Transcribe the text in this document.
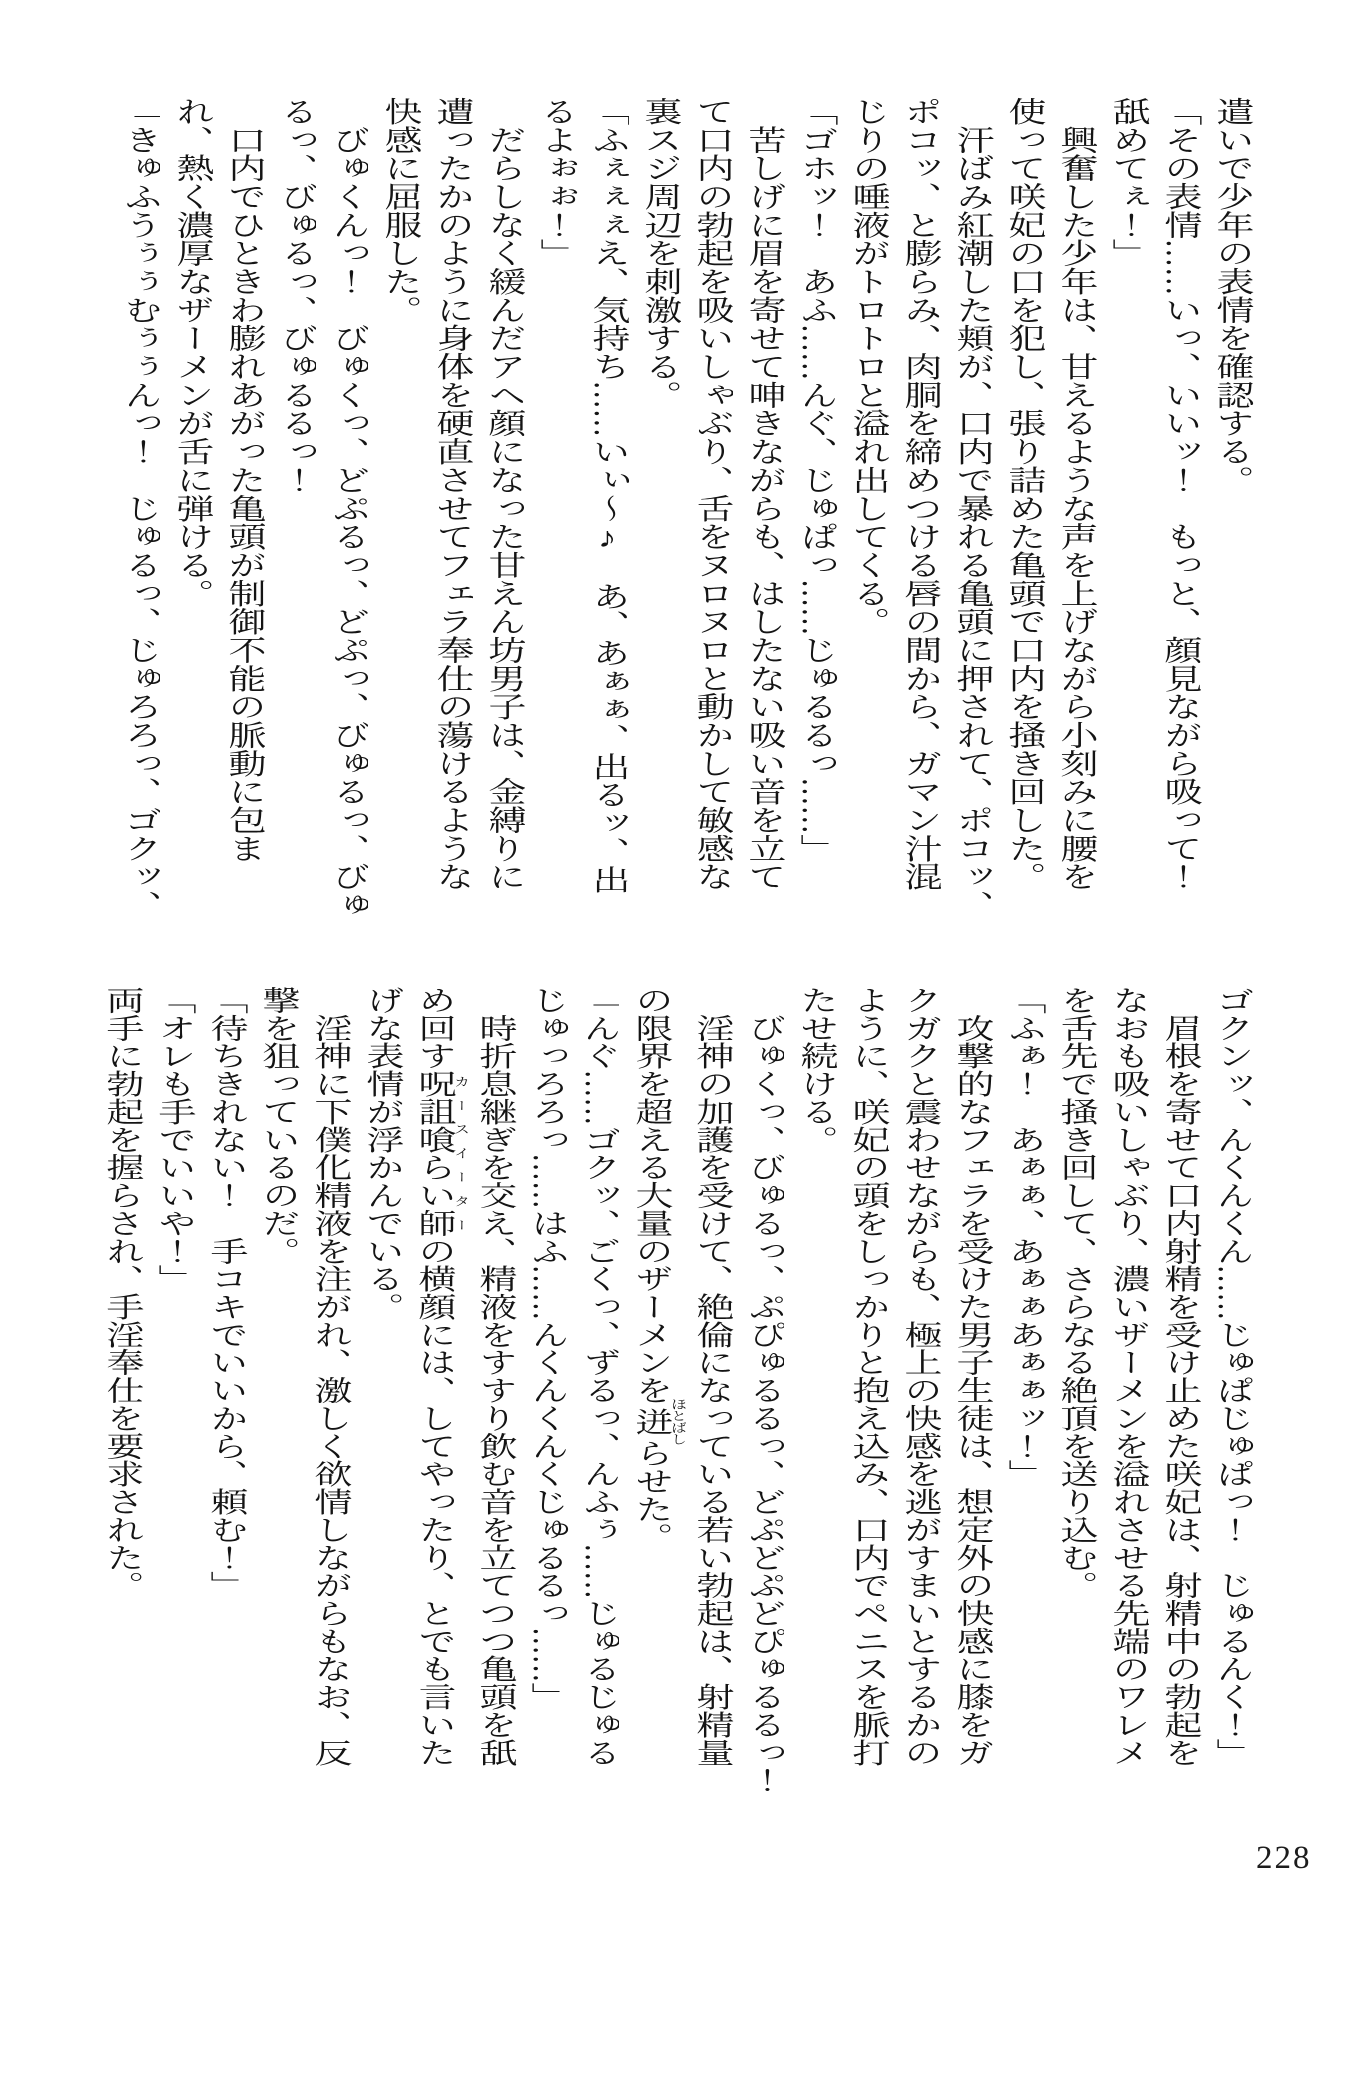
遣いで少年の表情を確認する。

「その表情……いっ、いいッ！　もっと、顔見ながら吸って！

舐めてぇ！」

　興奮した少年は、甘えるような声を上げながら小刻みに腰を

使って咲妃の口を犯し、張り詰めた亀頭で口内を掻き回した。

　汗ばみ紅潮した頬が、口内で暴れる亀頭に押されて、ポコッ、

ポコッ、と膨らみ、肉胴を締めつける唇の間から、ガマン汁混

じりの唾液がトロトロと溢れ出してくる。

「ゴホッ！　あふ……んぐ、じゅぱっ……じゅるるっ……」

　苦しげに眉を寄せて呻きながらも、はしたない吸い音を立て

て口内の勃起を吸いしゃぶり、舌をヌロヌロと動かして敏感な

裏スジ周辺を刺激する。

「ふぇぇぇえ、気持ち……いぃ～♪　あ、あぁぁ、出るッ、出

るよぉぉ！」

　だらしなく緩んだアヘ顔になった甘えん坊男子は、金縛りに

遭ったかのように身体を硬直させてフェラ奉仕の蕩けるような

快感に屈服した。

　びゅくんっ！　びゅくっ、どぷるっ、どぷっ、びゅるっ、びゅ

るっ、びゅるっ、びゅるるっ！

　口内でひときわ膨れあがった亀頭が制御不能の脈動に包ま

れ、熱く濃厚なザーメンが舌に弾ける。

「きゅふうぅぅむぅぅんっ！　じゅるっ、じゅろろっ、ゴクッ、

ゴクンッ、んくんくん……じゅぱじゅぱっ！　じゅるんく！」

　眉根を寄せて口内射精を受け止めた咲妃は、射精中の勃起を

なおも吸いしゃぶり、濃いザーメンを溢れさせる先端のワレメ

を舌先で掻き回して、さらなる絶頂を送り込む。

「ふぁ！　あぁぁ、あぁぁあぁぁッ！」

　攻撃的なフェラを受けた男子生徒は、想定外の快感に膝をガ

クガクと震わせながらも、極上の快感を逃がすまいとするかの

ように、咲妃の頭をしっかりと抱え込み、口内でペニスを脈打

たせ続ける。

　びゅくっ、びゅるっ、ぷぴゅるるっ、どぷどぷどぴゅるるっ！

　淫神の加護を受けて、絶倫になっている若い勃起は、射精量

の限界を超える大量のザーメンを迸ほとばしらせた。

「んぐ……ゴクッ、ごくっ、ずるっ、んふぅ……じゅるじゅる

じゅっろろっ……はふ……んくんくんくじゅるるっ……」

　時折息継ぎを交え、精液をすすり飲む音を立てつつ亀頭を舐

め回す呪詛喰らい師カースイーターの横顔には、してやったり、とでも言いた

げな表情が浮かんでいる。

　淫神に下僕化精液を注がれ、激しく欲情しながらもなお、反

撃を狙っているのだ。

「待ちきれない！　手コキでいいから、頼む！」

「オレも手でいいや！」

両手に勃起を握らされ、手淫奉仕を要求された。

228
